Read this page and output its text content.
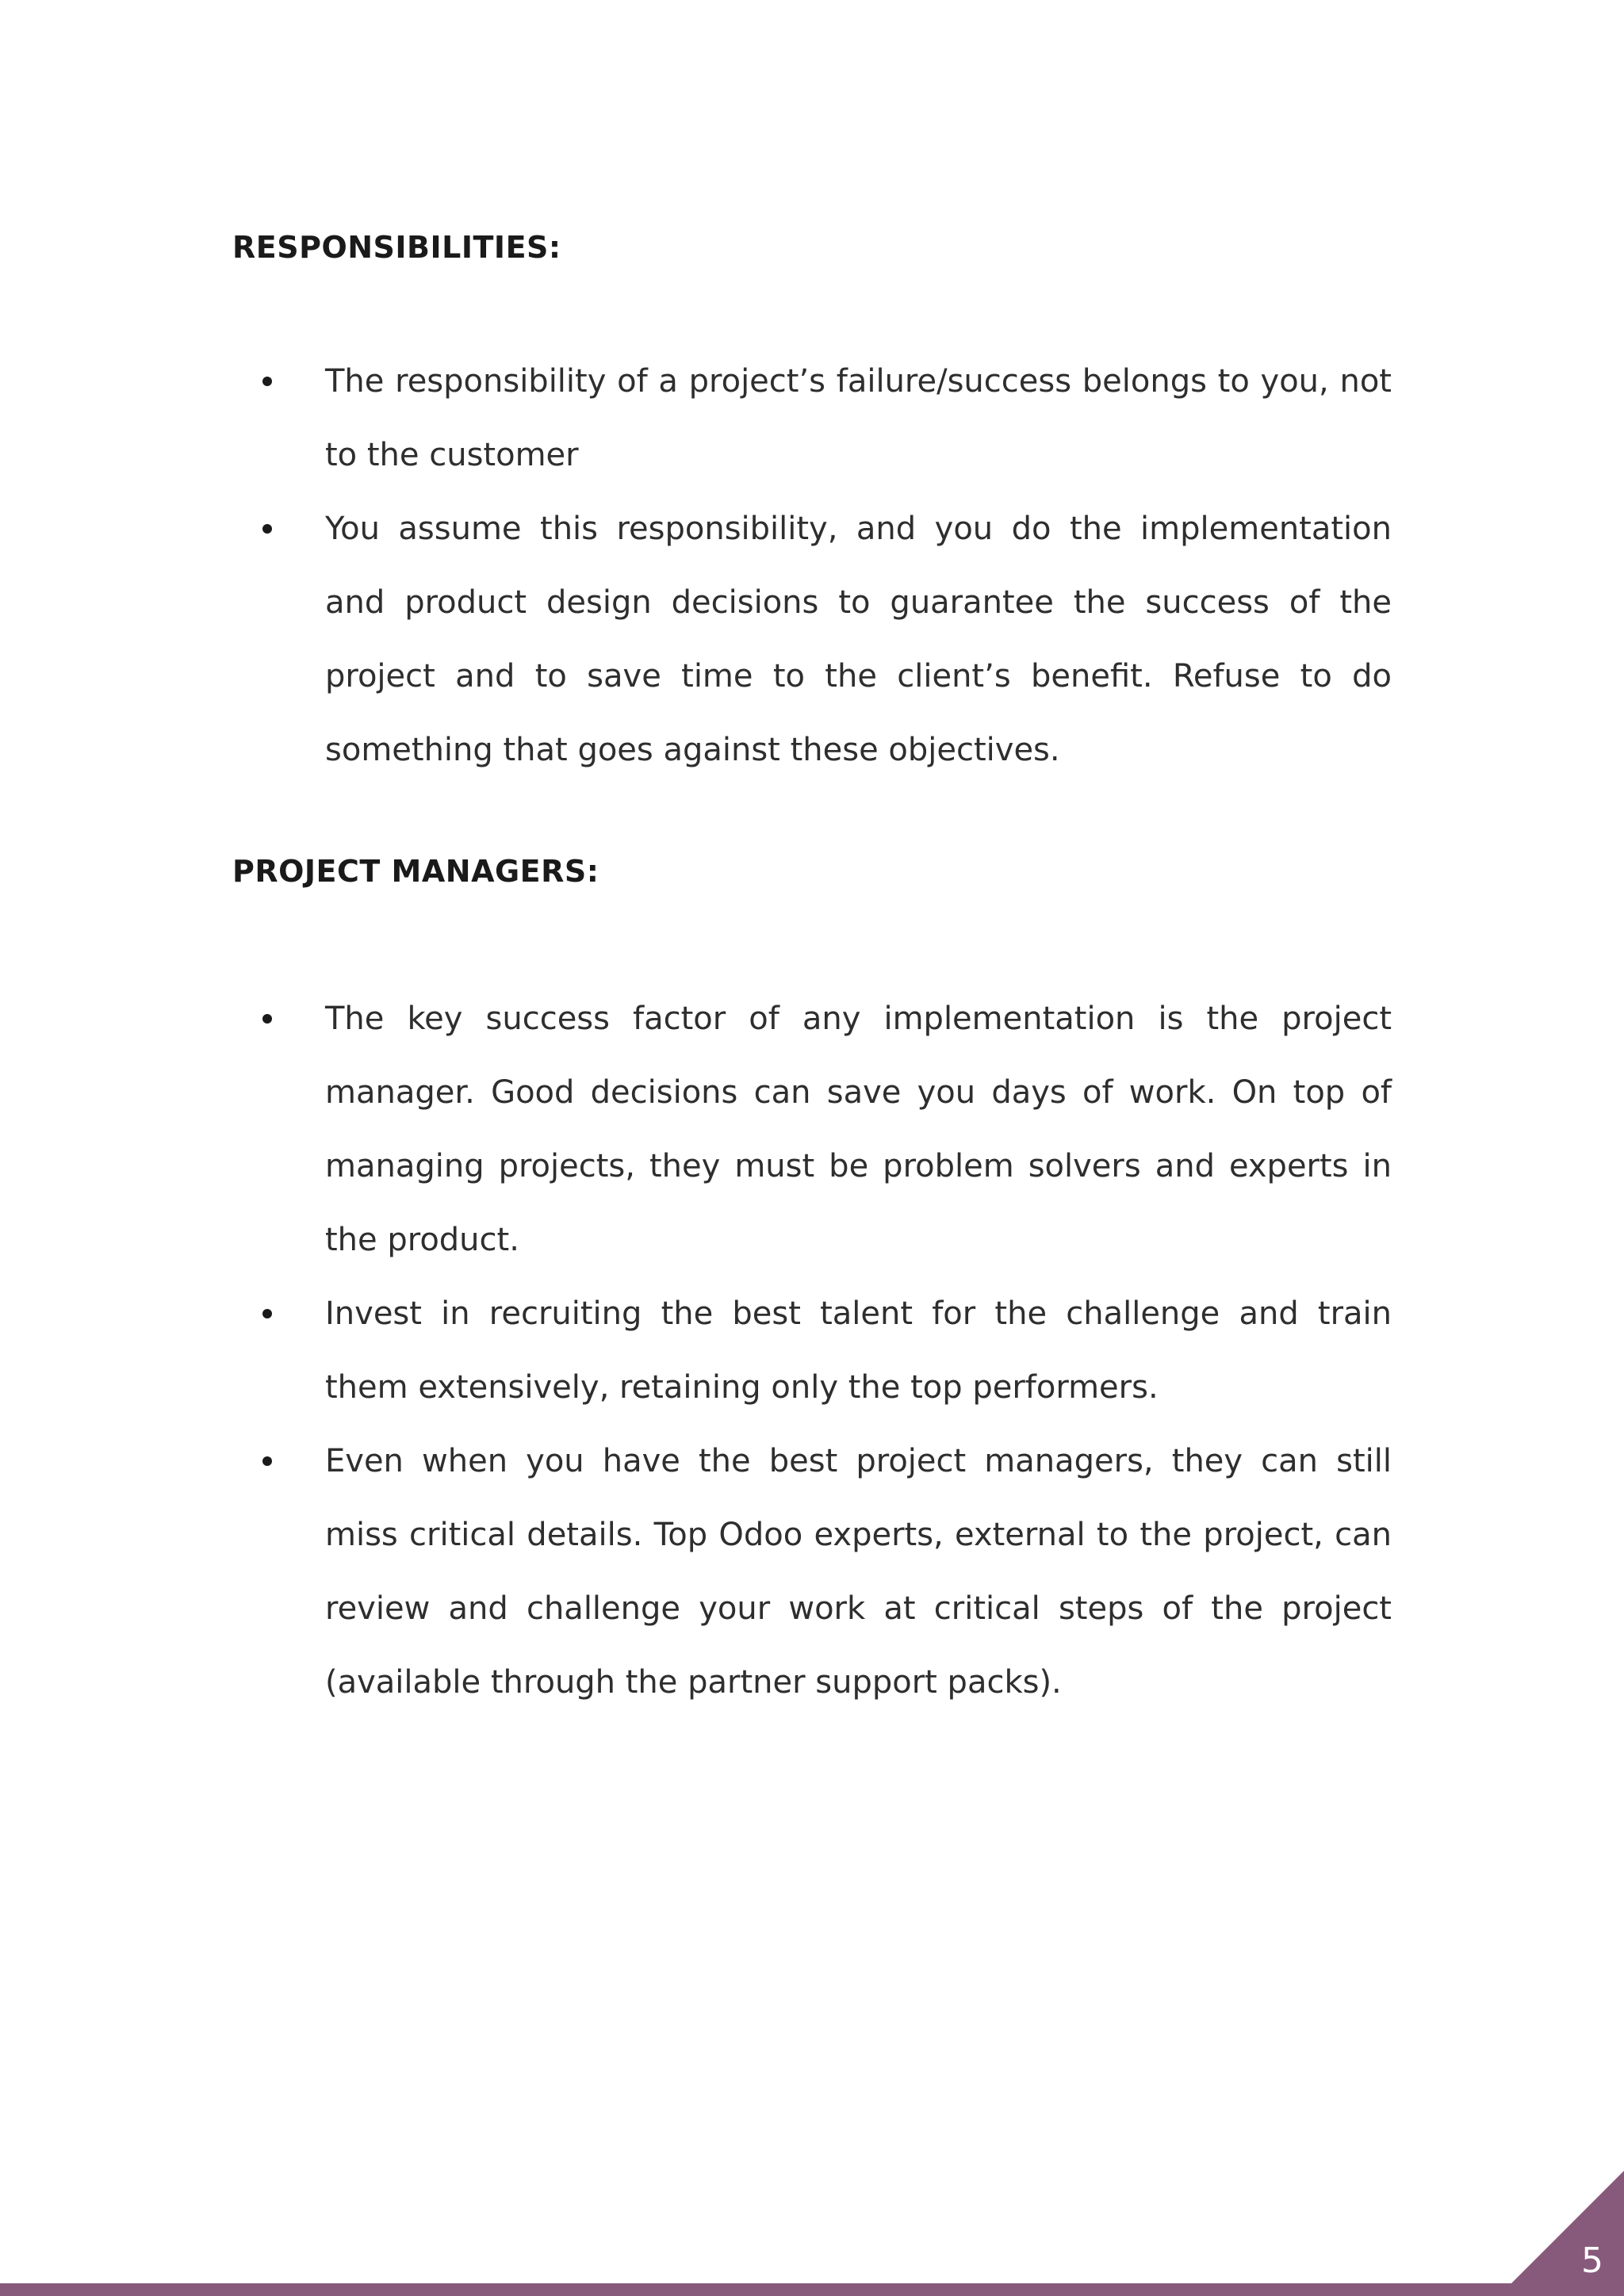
RESPONSIBILITIES:
The responsibility of a project’s failure/success belongs to you, not to the customer
You assume this responsibility, and you do the implementation and product design decisions to guarantee the success of the project and to save time to the client’s benefit. Refuse to do something that goes against these objectives.
PROJECT MANAGERS:
The key success factor of any implementation is the project manager. Good decisions can save you days of work. On top of managing projects, they must be problem solvers and experts in the product.
Invest in recruiting the best talent for the challenge and train them extensively, retaining only the top performers.
Even when you have the best project managers, they can still miss critical details. Top Odoo experts, external to the project, can review and challenge your work at critical steps of the project (available through the partner support packs).
5
